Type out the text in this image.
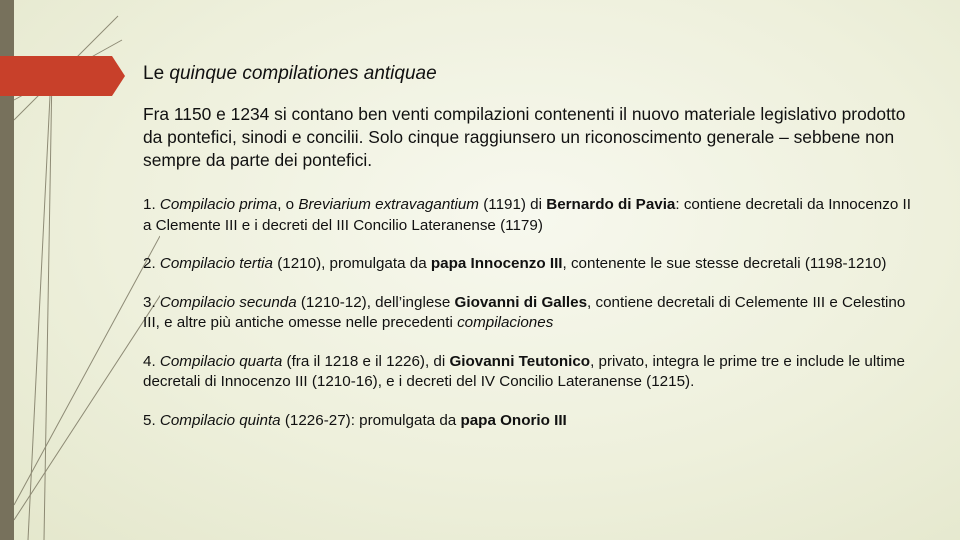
Le quinque compilationes antiquae

Fra 1150 e 1234 si contano ben venti compilazioni contenenti il nuovo materiale legislativo prodotto da pontefici, sinodi e concilii. Solo cinque raggiunsero un riconoscimento generale – sebbene non sempre da parte dei pontefici.

1. Compilacio prima, o Breviarium extravagantium (1191) di Bernardo di Pavia: contiene decretali da Innocenzo II a Clemente III e i decreti del III Concilio Lateranense (1179)

2. Compilacio tertia (1210), promulgata da papa Innocenzo III, contenente le sue stesse decretali (1198-1210)

3. Compilacio secunda (1210-12), dell’inglese Giovanni di Galles, contiene decretali di Celemente III e Celestino III, e altre più antiche omesse nelle precedenti compilaciones

4. Compilacio quarta (fra il 1218 e il 1226), di Giovanni Teutonico, privato, integra le prime tre e include le ultime decretali di Innocenzo III (1210-16), e i decreti del IV Concilio Lateranense (1215).

5. Compilacio quinta (1226-27): promulgata da papa Onorio III
